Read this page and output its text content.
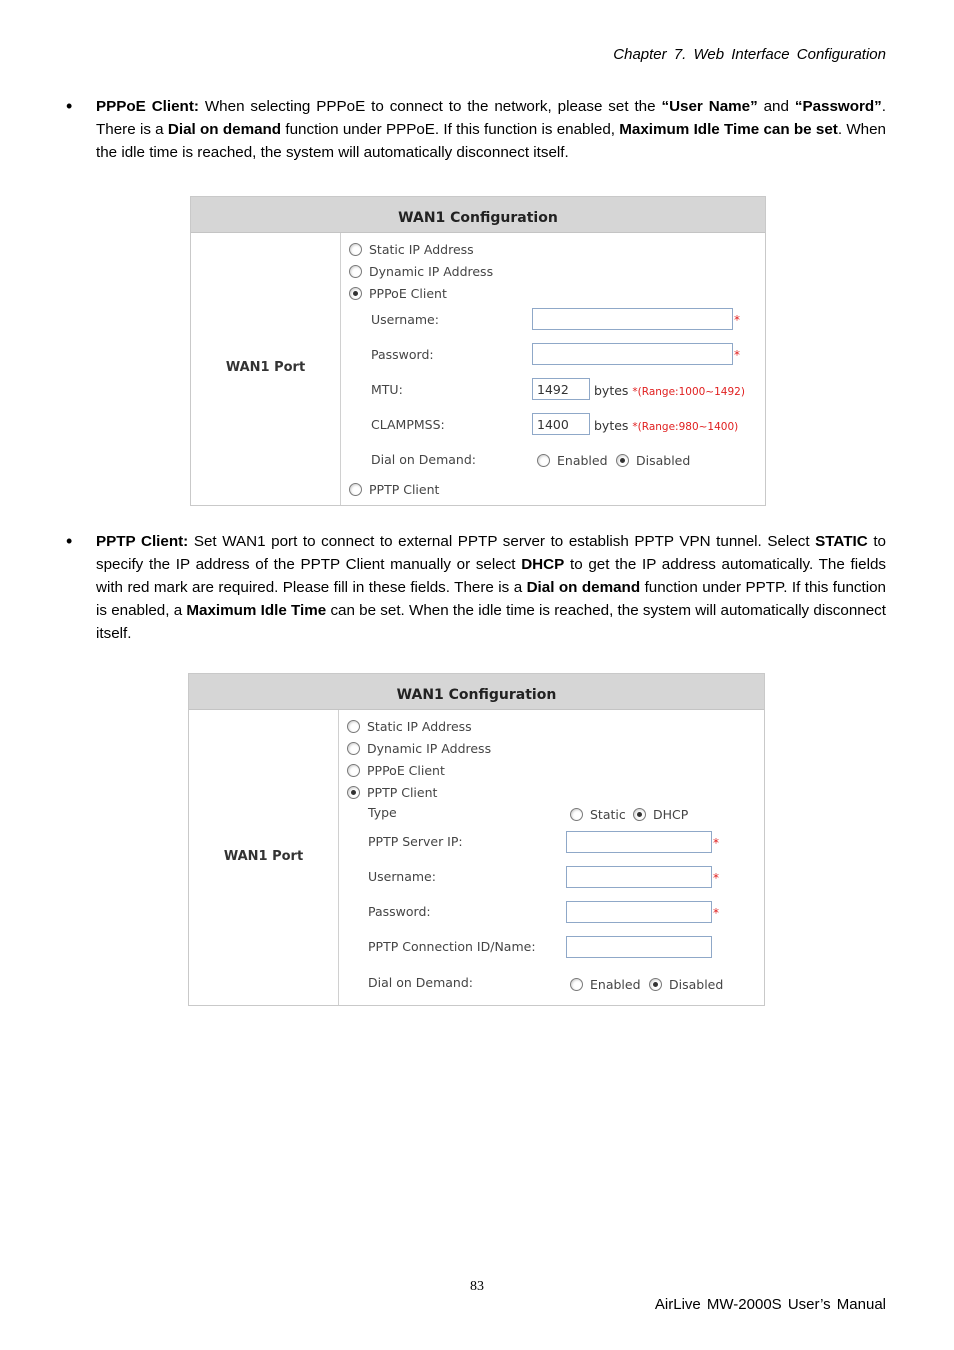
Chapter 7. Web Interface Configuration
• PPPoE Client: When selecting PPPoE to connect to the network, please set the “User Name” and “Password”. There is a Dial on demand function under PPPoE. If this function is enabled, Maximum Idle Time can be set. When the idle time is reached, the system will automatically disconnect itself.

WAN1 Configuration
WAN1 Port
Static IP Address
Dynamic IP Address
PPPoE Client
Username:	*
Password:	*
MTU:	1492	bytes *(Range:1000~1492)
CLAMPMSS:	1400	bytes *(Range:980~1400)
Dial on Demand:	Enabled	Disabled
PPTP Client
• PPTP Client: Set WAN1 port to connect to external PPTP server to establish PPTP VPN tunnel. Select STATIC to specify the IP address of the PPTP Client manually or select DHCP to get the IP address automatically. The fields with red mark are required. Please fill in these fields. There is a Dial on demand function under PPTP. If this function is enabled, a Maximum Idle Time can be set. When the idle time is reached, the system will automatically disconnect itself.

WAN1 Configuration
WAN1 Port
Static IP Address
Dynamic IP Address
PPPoE Client
PPTP Client
Type	Static	DHCP
PPTP Server IP:	*
Username:	*
Password:	*
PPTP Connection ID/Name:
Dial on Demand:	Enabled	Disabled
83
AirLive MW-2000S User’s Manual
